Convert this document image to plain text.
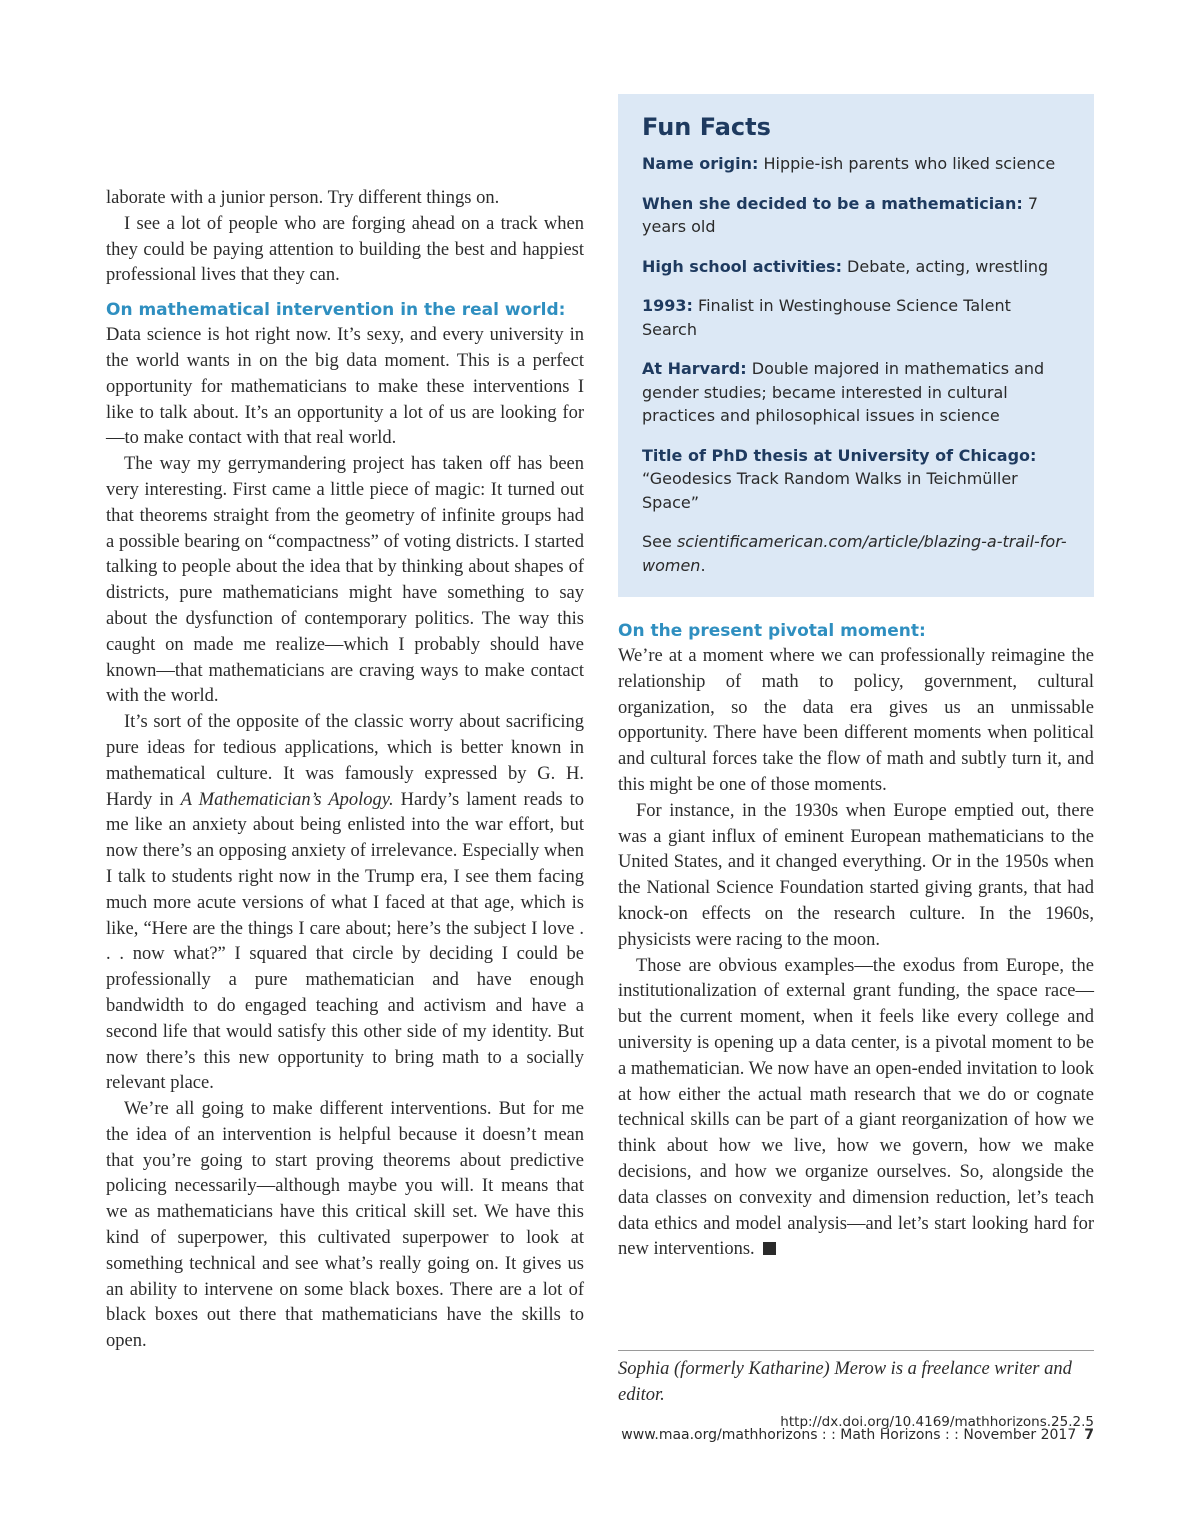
laborate with a junior person. Try different things on.

I see a lot of people who are forging ahead on a track when they could be paying attention to building the best and happiest professional lives that they can.

On mathematical intervention in the real world:

Data science is hot right now. It’s sexy, and every university in the world wants in on the big data moment. This is a perfect opportunity for mathematicians to make these interventions I like to talk about. It’s an opportunity a lot of us are looking for—to make contact with that real world.

The way my gerrymandering project has taken off has been very interesting. First came a little piece of magic: It turned out that theorems straight from the geometry of infinite groups had a possible bearing on “compactness” of voting districts. I started talking to people about the idea that by thinking about shapes of districts, pure mathematicians might have something to say about the dysfunction of contemporary politics. The way this caught on made me realize—which I probably should have known—that mathematicians are craving ways to make contact with the world.

It’s sort of the opposite of the classic worry about sacrificing pure ideas for tedious applications, which is better known in mathematical culture. It was famously expressed by G. H. Hardy in A Mathematician’s Apology. Hardy’s lament reads to me like an anxiety about being enlisted into the war effort, but now there’s an opposing anxiety of irrelevance. Especially when I talk to students right now in the Trump era, I see them facing much more acute versions of what I faced at that age, which is like, “Here are the things I care about; here’s the subject I love . . . now what?” I squared that circle by deciding I could be professionally a pure mathematician and have enough bandwidth to do engaged teaching and activism and have a second life that would satisfy this other side of my identity. But now there’s this new opportunity to bring math to a socially relevant place.

We’re all going to make different interventions. But for me the idea of an intervention is helpful because it doesn’t mean that you’re going to start proving theorems about predictive policing necessarily—although maybe you will. It means that we as mathematicians have this critical skill set. We have this kind of superpower, this cultivated superpower to look at something technical and see what’s really going on. It gives us an ability to intervene on some black boxes. There are a lot of black boxes out there that mathematicians have the skills to open.

Fun Facts

Name origin: Hippie-ish parents who liked science

When she decided to be a mathematician: 7 years old

High school activities: Debate, acting, wrestling

1993: Finalist in Westinghouse Science Talent Search

At Harvard: Double majored in mathematics and gender studies; became interested in cultural practices and philosophical issues in science

Title of PhD thesis at University of Chicago: “Geodesics Track Random Walks in Teichmüller Space”

See scientificamerican.com/article/blazing-a-trail-for-women.

On the present pivotal moment:

We’re at a moment where we can professionally reimagine the relationship of math to policy, government, cultural organization, so the data era gives us an unmissable opportunity. There have been different moments when political and cultural forces take the flow of math and subtly turn it, and this might be one of those moments.

For instance, in the 1930s when Europe emptied out, there was a giant influx of eminent European mathematicians to the United States, and it changed everything. Or in the 1950s when the National Science Foundation started giving grants, that had knock-on effects on the research culture. In the 1960s, physicists were racing to the moon.

Those are obvious examples—the exodus from Europe, the institutionalization of external grant funding, the space race—but the current moment, when it feels like every college and university is opening up a data center, is a pivotal moment to be a mathematician. We now have an open-ended invitation to look at how either the actual math research that we do or cognate technical skills can be part of a giant reorganization of how we think about how we live, how we govern, how we make decisions, and how we organize ourselves. So, alongside the data classes on convexity and dimension reduction, let’s teach data ethics and model analysis—and let’s start looking hard for new interventions.

Sophia (formerly Katharine) Merow is a freelance writer and editor.
http://dx.doi.org/10.4169/mathhorizons.25.2.5
www.maa.org/mathhorizons : : Math Horizons : : November 2017 7
